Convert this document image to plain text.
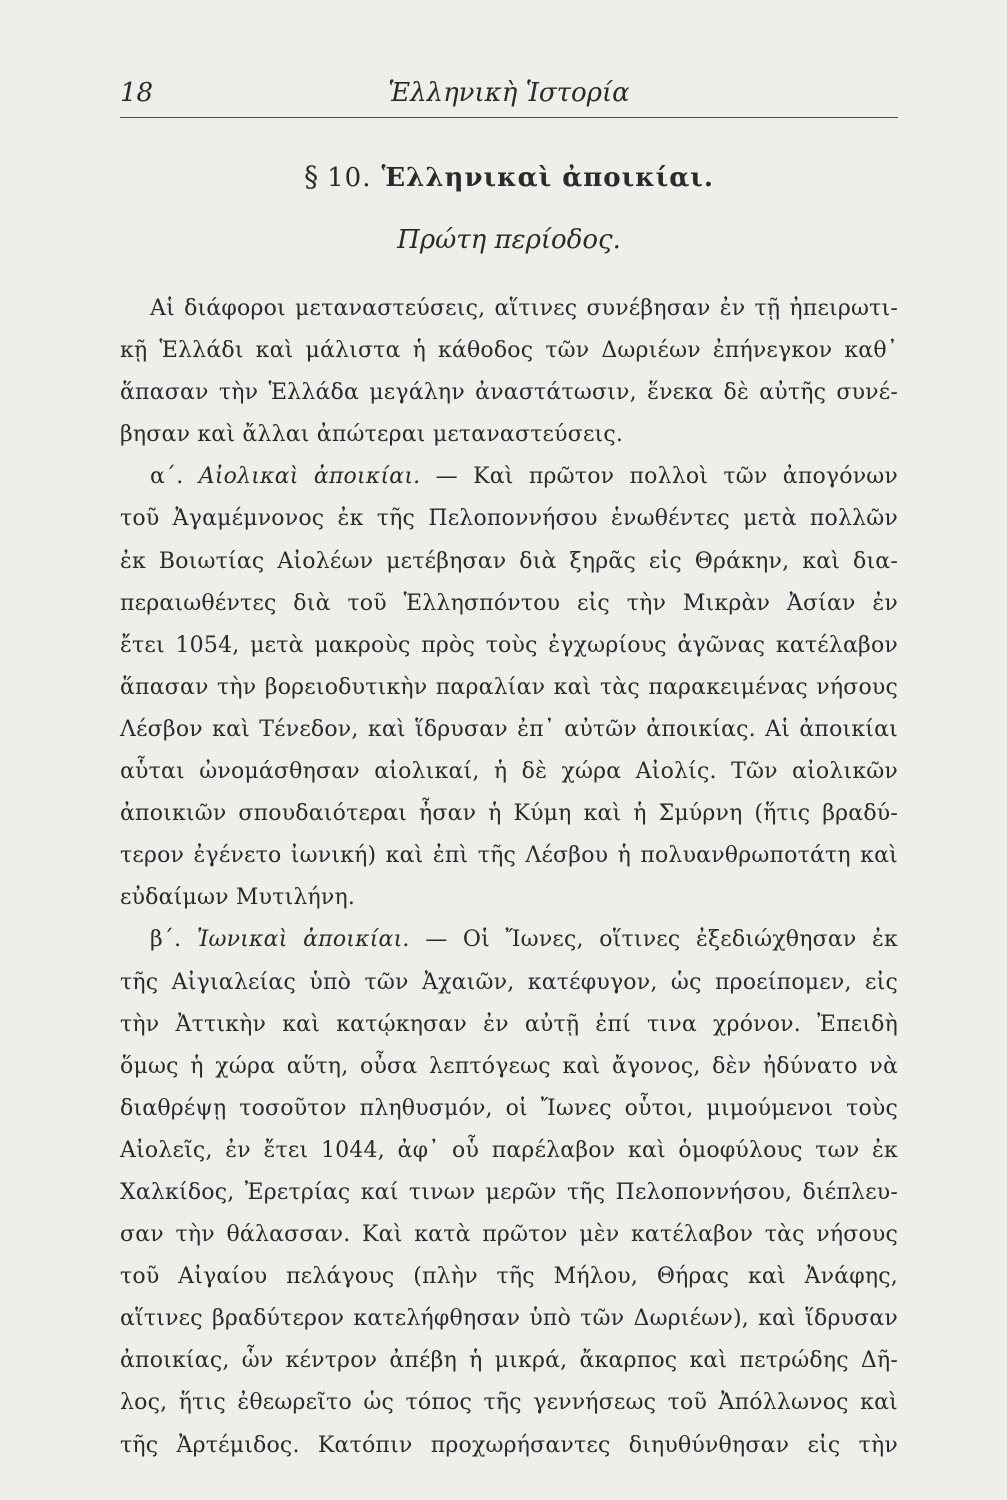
18	Ἑλληνικὴ Ἱστορία
§ 10. Ἑλληνικαὶ ἀποικίαι.
Πρώτη περίοδος.
Αἱ διάφοροι μεταναστεύσεις, αἵτινες συνέβησαν ἐν τῇ ἠπειρωτι-
κῇ Ἑλλάδι καὶ μάλιστα ἡ κάθοδος τῶν Δωριέων ἐπήνεγκον καθ᾽
ἅπασαν τὴν Ἑλλάδα μεγάλην ἀναστάτωσιν, ἕνεκα δὲ αὐτῆς συνέ-
βησαν καὶ ἄλλαι ἀπώτεραι μεταναστεύσεις.
α΄. Αἰολικαὶ ἀποικίαι. — Καὶ πρῶτον πολλοὶ τῶν ἀπογόνων
τοῦ Ἀγαμέμνονος ἐκ τῆς Πελοποννήσου ἑνωθέντες μετὰ πολλῶν
ἐκ Βοιωτίας Αἰολέων μετέβησαν διὰ ξηρᾶς εἰς Θράκην, καὶ δια-
περαιωθέντες διὰ τοῦ Ἑλλησπόντου εἰς τὴν Μικρὰν Ἀσίαν ἐν
ἔτει 1054, μετὰ μακροὺς πρὸς τοὺς ἐγχωρίους ἀγῶνας κατέλαβον
ἅπασαν τὴν βορειοδυτικὴν παραλίαν καὶ τὰς παρακειμένας νήσους
Λέσβον καὶ Τένεδον, καὶ ἵδρυσαν ἐπ᾽ αὐτῶν ἀποικίας. Αἱ ἀποικίαι
αὗται ὠνομάσθησαν αἰολικαί, ἡ δὲ χώρα Αἰολίς. Τῶν αἰολικῶν
ἀποικιῶν σπουδαιότεραι ἦσαν ἡ Κύμη καὶ ἡ Σμύρνη (ἥτις βραδύ-
τερον ἐγένετο ἰωνική) καὶ ἐπὶ τῆς Λέσβου ἡ πολυανθρωποτάτη καὶ
εὐδαίμων Μυτιλήνη.
β΄. Ἰωνικαὶ ἀποικίαι. — Οἱ Ἴωνες, οἵτινες ἐξεδιώχθησαν ἐκ
τῆς Αἰγιαλείας ὑπὸ τῶν Ἀχαιῶν, κατέφυγον, ὡς προείπομεν, εἰς
τὴν Ἀττικὴν καὶ κατῴκησαν ἐν αὐτῇ ἐπί τινα χρόνον. Ἐπειδὴ
ὅμως ἡ χώρα αὕτη, οὖσα λεπτόγεως καὶ ἄγονος, δὲν ἠδύνατο νὰ
διαθρέψῃ τοσοῦτον πληθυσμόν, οἱ Ἴωνες οὗτοι, μιμούμενοι τοὺς
Αἰολεῖς, ἐν ἔτει 1044, ἀφ᾽ οὗ παρέλαβον καὶ ὁμοφύλους των ἐκ
Χαλκίδος, Ἐρετρίας καί τινων μερῶν τῆς Πελοποννήσου, διέπλευ-
σαν τὴν θάλασσαν. Καὶ κατὰ πρῶτον μὲν κατέλαβον τὰς νήσους
τοῦ Αἰγαίου πελάγους (πλὴν τῆς Μήλου, Θήρας καὶ Ἀνάφης,
αἵτινες βραδύτερον κατελήφθησαν ὑπὸ τῶν Δωριέων), καὶ ἵδρυσαν
ἀποικίας, ὧν κέντρον ἀπέβη ἡ μικρά, ἄκαρπος καὶ πετρώδης Δῆ-
λος, ἥτις ἐθεωρεῖτο ὡς τόπος τῆς γεννήσεως τοῦ Ἀπόλλωνος καὶ
τῆς Ἀρτέμιδος. Κατόπιν προχωρήσαντες διηυθύνθησαν εἰς τὴν
